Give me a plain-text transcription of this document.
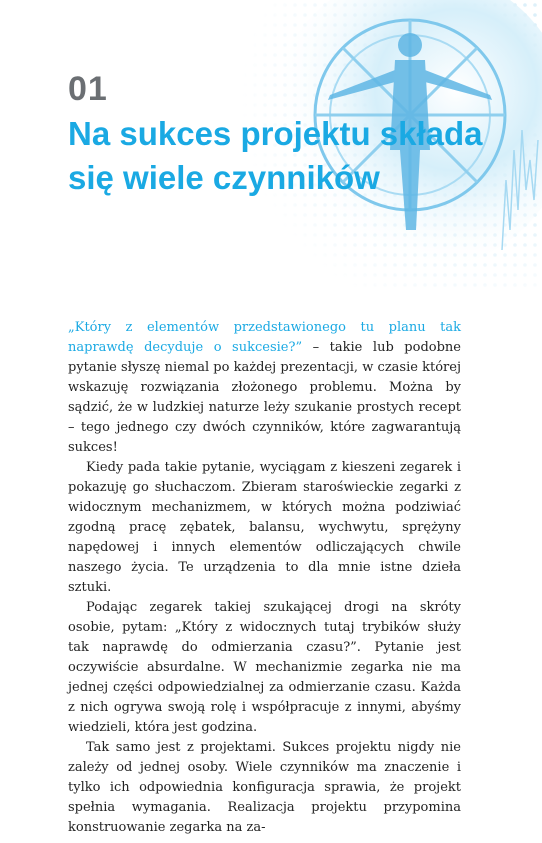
01
Na sukces projektu składa się wiele czynników

„Który z elementów przedstawionego tu planu tak naprawdę decyduje o sukcesie?” – takie lub podobne pytanie słyszę niemal po każdej prezentacji, w czasie której wskazuję rozwiązania złożonego problemu. Można by sądzić, że w ludzkiej naturze leży szukanie prostych recept – tego jednego czy dwóch czynników, które zagwarantują sukces!

Kiedy pada takie pytanie, wyciągam z kieszeni zegarek i pokazuję go słuchaczom. Zbieram staroświeckie zegarki z widocznym mechanizmem, w których można podziwiać zgodną pracę zębatek, balansu, wychwytu, sprężyny napędowej i innych elementów odliczających chwile naszego życia. Te urządzenia to dla mnie istne dzieła sztuki.

Podając zegarek takiej szukającej drogi na skróty osobie, pytam: „Który z widocznych tutaj trybików służy tak naprawdę do odmierzania czasu?”. Pytanie jest oczywiście absurdalne. W mechanizmie zegarka nie ma jednej części odpowiedzialnej za odmierzanie czasu. Każda z nich ogrywa swoją rolę i współpracuje z innymi, abyśmy wiedzieli, która jest godzina.

Tak samo jest z projektami. Sukces projektu nigdy nie zależy od jednej osoby. Wiele czynników ma znaczenie i tylko ich odpowiednia konfiguracja sprawia, że projekt spełnia wymagania. Realizacja projektu przypomina konstruowanie zegarka na za-
